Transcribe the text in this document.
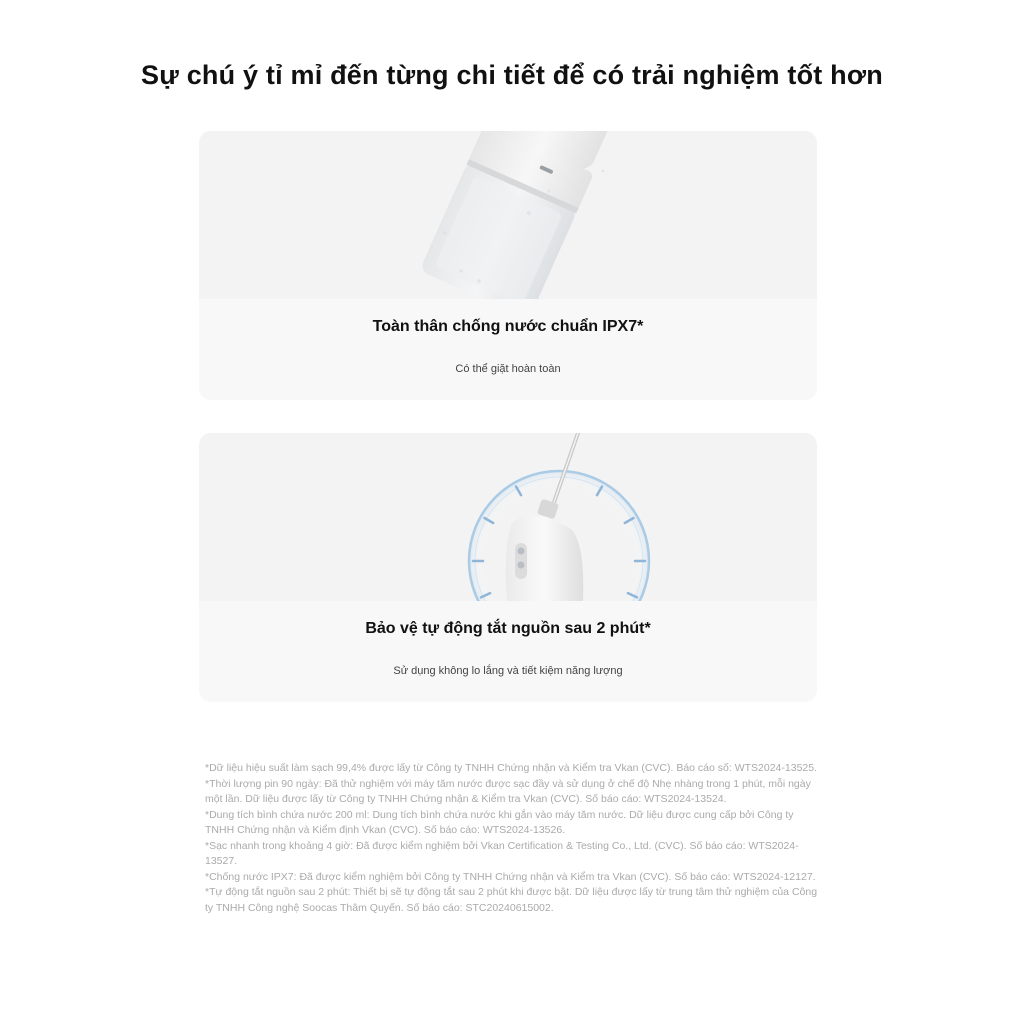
Sự chú ý tỉ mỉ đến từng chi tiết để có trải nghiệm tốt hơn
Toàn thân chống nước chuẩn IPX7*
Có thể giặt hoàn toàn
Bảo vệ tự động tắt nguồn sau 2 phút*
Sử dụng không lo lắng và tiết kiệm năng lượng

*Dữ liệu hiệu suất làm sạch 99,4% được lấy từ Công ty TNHH Chứng nhận và Kiểm tra Vkan (CVC). Báo cáo số: WTS2024-13525.

*Thời lượng pin 90 ngày: Đã thử nghiệm với máy tăm nước được sạc đầy và sử dụng ở chế độ Nhẹ nhàng trong 1 phút, mỗi ngày một lần. Dữ liệu được lấy từ Công ty TNHH Chứng nhận & Kiểm tra Vkan (CVC). Số báo cáo: WTS2024-13524.

*Dung tích bình chứa nước 200 ml: Dung tích bình chứa nước khi gắn vào máy tăm nước. Dữ liệu được cung cấp bởi Công ty TNHH Chứng nhận và Kiểm định Vkan (CVC). Số báo cáo: WTS2024-13526.

*Sạc nhanh trong khoảng 4 giờ: Đã được kiểm nghiệm bởi Vkan Certification & Testing Co., Ltd. (CVC). Số báo cáo: WTS2024-13527.

*Chống nước IPX7: Đã được kiểm nghiệm bởi Công ty TNHH Chứng nhận và Kiểm tra Vkan (CVC). Số báo cáo: WTS2024-12127.

*Tự động tắt nguồn sau 2 phút: Thiết bị sẽ tự động tắt sau 2 phút khi được bật. Dữ liệu được lấy từ trung tâm thử nghiệm của Công ty TNHH Công nghệ Soocas Thâm Quyến. Số báo cáo: STC20240615002.
